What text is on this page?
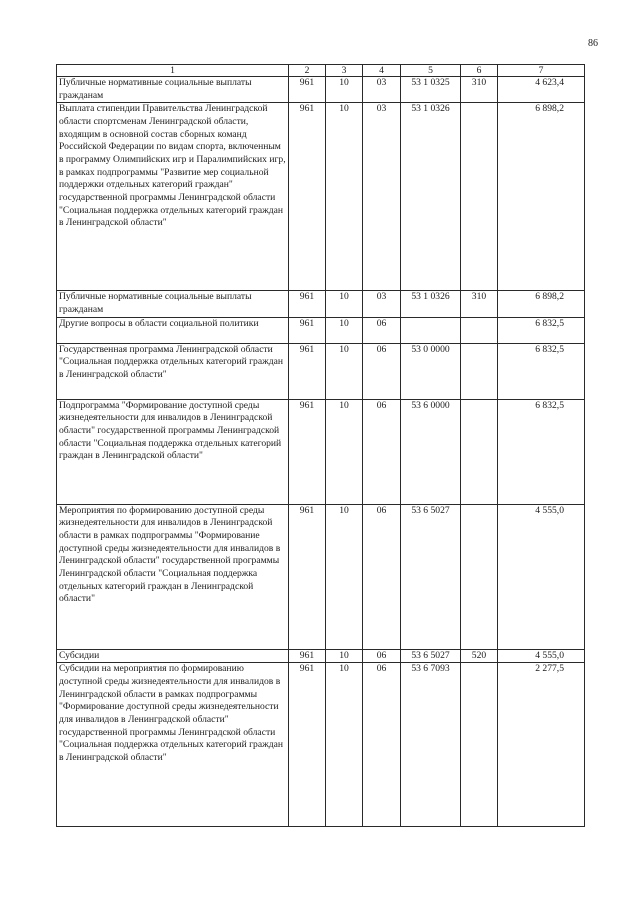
86
1	2	3	4	5	6	7
Публичные нормативные социальные выплаты гражданам	961	10	03	53 1 0325	310	4 623,4
Выплата стипендии Правительства Ленинградской области спортсменам Ленинградской области, входящим в основной состав сборных команд Российской Федерации по видам спорта, включенным в программу Олимпийских игр и Паралимпийских игр, в рамках подпрограммы "Развитие мер социальной поддержки отдельных категорий граждан" государственной программы Ленинградской области "Социальная поддержка отдельных категорий граждан в Ленинградской области"	961	10	03	53 1 0326		6 898,2
Публичные нормативные социальные выплаты гражданам	961	10	03	53 1 0326	310	6 898,2
Другие вопросы в области социальной политики	961	10	06			6 832,5
Государственная программа Ленинградской области "Социальная поддержка отдельных категорий граждан в Ленинградской области"	961	10	06	53 0 0000		6 832,5
Подпрограмма "Формирование доступной среды жизнедеятельности для инвалидов в Ленинградской области" государственной программы Ленинградской области "Социальная поддержка отдельных категорий граждан в Ленинградской области"	961	10	06	53 6 0000		6 832,5
Мероприятия по формированию доступной среды жизнедеятельности для инвалидов в Ленинградской области в рамках подпрограммы "Формирование доступной среды жизнедеятельности для инвалидов в Ленинградской области" государственной программы Ленинградской области "Социальная поддержка отдельных категорий граждан в Ленинградской области"	961	10	06	53 6 5027		4 555,0
Субсидии	961	10	06	53 6 5027	520	4 555,0
Субсидии на мероприятия по формированию доступной среды жизнедеятельности для инвалидов в Ленинградской области в рамках подпрограммы "Формирование доступной среды жизнедеятельности для инвалидов в Ленинградской области" государственной программы Ленинградской области "Социальная поддержка отдельных категорий граждан в Ленинградской области"	961	10	06	53 6 7093		2 277,5
